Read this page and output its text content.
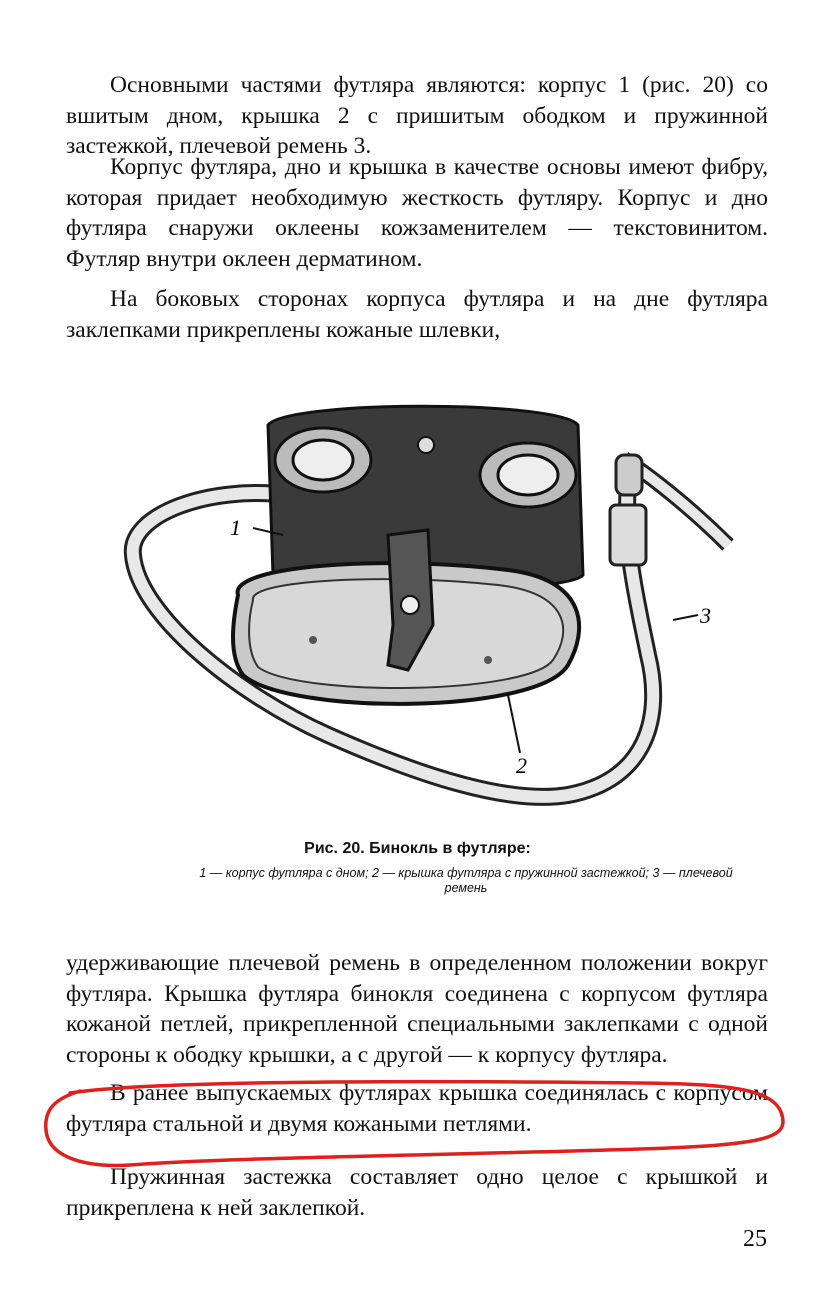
Основными частями футляра являются: корпус 1 (рис. 20) со вшитым дном, крышка 2 с пришитым ободком и пружинной застежкой, плечевой ремень 3.

Корпус футляра, дно и крышка в качестве основы имеют фибру, которая придает необходимую жесткость футляру. Корпус и дно футляра снаружи оклеены кожзаменителем — текстовинитом. Футляр внутри оклеен дерматином.

На боковых сторонах корпуса футляра и на дне футляра заклепками прикреплены кожаные шлевки,

1
2
3

Рис. 20. Бинокль в футляре:

1 — корпус футляра с дном; 2 — крышка футляра с пружинной застежкой; 3 — плечевой ремень

удерживающие плечевой ремень в определенном положении вокруг футляра. Крышка футляра бинокля соединена с корпусом футляра кожаной петлей, прикрепленной специальными заклепками с одной стороны к ободку крышки, а с другой — к корпусу футляра.

В ранее выпускаемых футлярах крышка соединялась с корпусом футляра стальной и двумя кожаными петлями.

Пружинная застежка составляет одно целое с крышкой и прикреплена к ней заклепкой.

25
